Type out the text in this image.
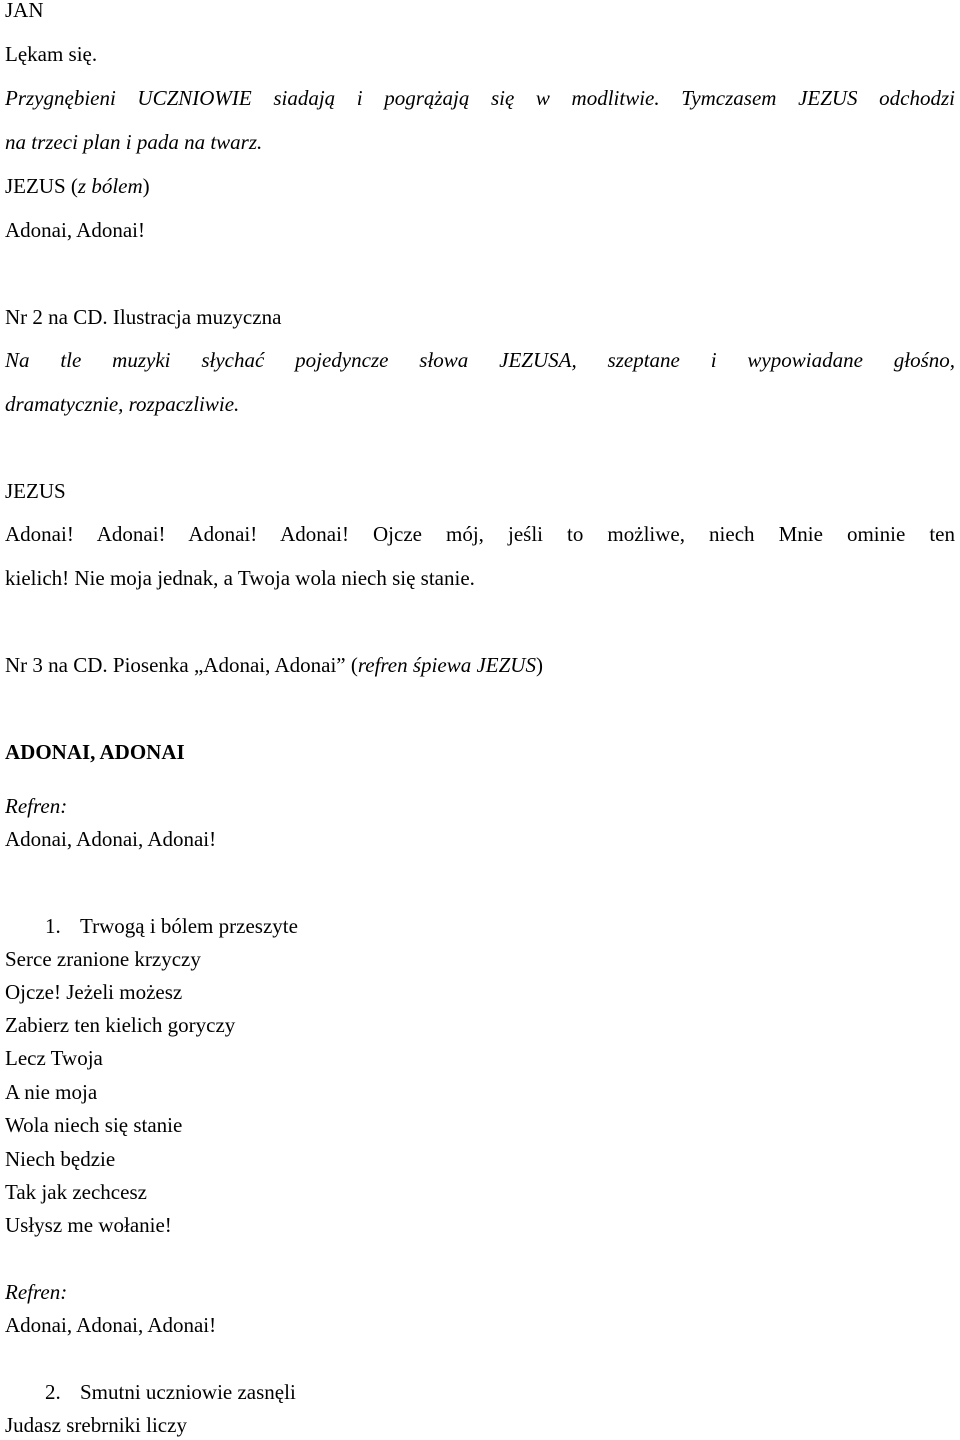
JAN
Lękam się.
Przygnębieni UCZNIOWIE siadają i pogrążają się w modlitwie. Tymczasem JEZUS odchodzi
na trzeci plan i pada na twarz.
JEZUS (z bólem)
Adonai, Adonai!
Nr 2 na CD. Ilustracja muzyczna
Na tle muzyki słychać pojedyncze słowa JEZUSA, szeptane i wypowiadane głośno,
dramatycznie, rozpaczliwie.
JEZUS
Adonai! Adonai! Adonai! Adonai! Ojcze mój, jeśli to możliwe, niech Mnie ominie ten
kielich! Nie moja jednak, a Twoja wola niech się stanie.
Nr 3 na CD. Piosenka „Adonai, Adonai” (refren śpiewa JEZUS)
ADONAI, ADONAI
Refren:
Adonai, Adonai, Adonai!
1. Trwogą i bólem przeszyte
Serce zranione krzyczy
Ojcze! Jeżeli możesz
Zabierz ten kielich goryczy
Lecz Twoja
A nie moja
Wola niech się stanie
Niech będzie
Tak jak zechcesz
Usłysz me wołanie!
Refren:
Adonai, Adonai, Adonai!
2. Smutni uczniowie zasnęli
Judasz srebrniki liczy
